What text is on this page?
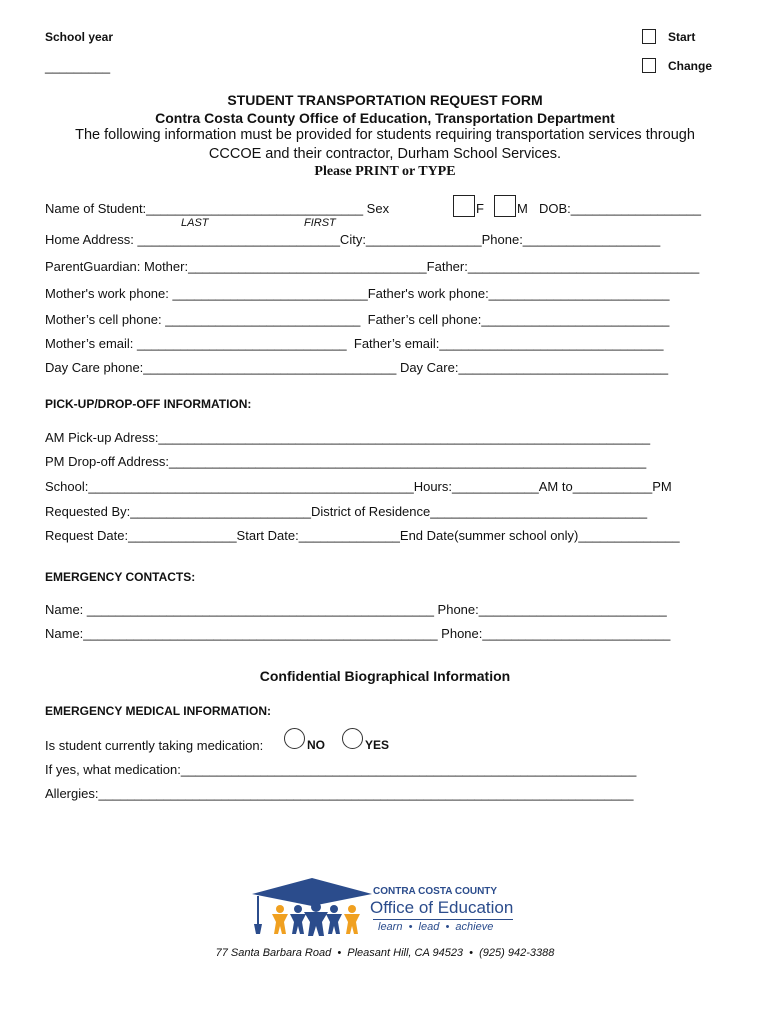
School year
_________
Start
Change
STUDENT TRANSPORTATION REQUEST FORM
Contra Costa County Office of Education, Transportation Department
The following information must be provided for students requiring transportation services through
CCCOE and their contractor, Durham School Services.
Please PRINT or TYPE
Name of Student:______________________________ Sex	F	M DOB:__________________
LAST	FIRST
Home Address: ____________________________City:________________Phone:___________________
ParentGuardian: Mother:_________________________________Father:________________________________
Mother's work phone: ___________________________Father's work phone:_________________________
Mother’s cell phone: ___________________________  Father’s cell phone:__________________________
Mother’s email: _____________________________  Father’s email:_______________________________
Day Care phone:___________________________________ Day Care:_____________________________
PICK-UP/DROP-OFF INFORMATION:
AM Pick-up Adress:____________________________________________________________________
PM Drop-off Address:__________________________________________________________________
School:_____________________________________________Hours:____________AM to___________PM
Requested By:_________________________District of Residence______________________________
Request Date:_______________Start Date:______________End Date(summer school only)______________
EMERGENCY CONTACTS:
Name: ________________________________________________ Phone:__________________________
Name:_________________________________________________ Phone:__________________________
Confidential Biographical Information
EMERGENCY MEDICAL INFORMATION:
Is student currently taking medication:	NO	YES
If yes, what medication:_______________________________________________________________
Allergies:__________________________________________________________________________
CONTRA COSTA COUNTY
Office of Education
learn  •  lead  •  achieve
77 Santa Barbara Road  •  Pleasant Hill, CA 94523  •  (925) 942-3388
